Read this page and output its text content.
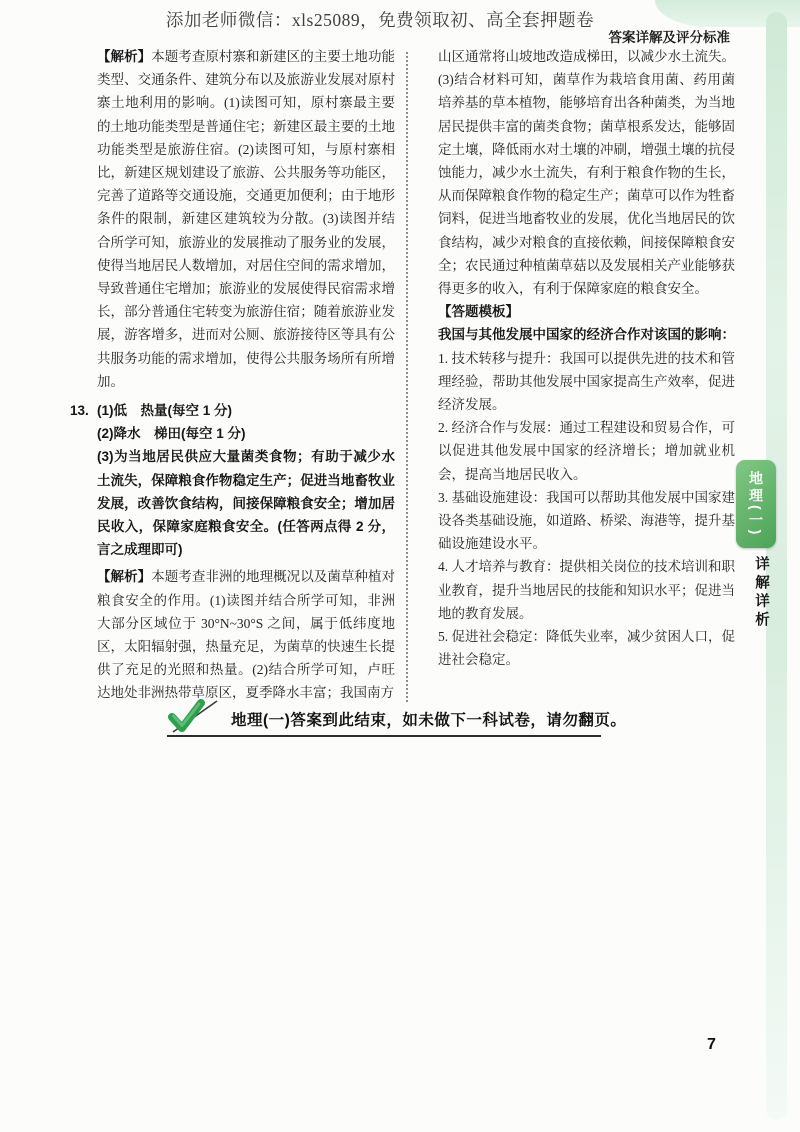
添加老师微信：xls25089，免费领取初、高全套押题卷
答案详解及评分标准

【解析】本题考查原村寨和新建区的主要土地功能类型、交通条件、建筑分布以及旅游业发展对原村寨土地利用的影响。(1)读图可知，原村寨最主要的土地功能类型是普通住宅；新建区最主要的土地功能类型是旅游住宿。(2)读图可知，与原村寨相比，新建区规划建设了旅游、公共服务等功能区，完善了道路等交通设施，交通更加便利；由于地形条件的限制，新建区建筑较为分散。(3)读图并结合所学可知，旅游业的发展推动了服务业的发展，使得当地居民人数增加，对居住空间的需求增加，导致普通住宅增加；旅游业的发展使得民宿需求增长，部分普通住宅转变为旅游住宿；随着旅游业发展，游客增多，进而对公厕、旅游接待区等具有公共服务功能的需求增加，使得公共服务场所有所增加。

13. (1)低　热量(每空 1 分)
(2)降水　梯田(每空 1 分)
(3)为当地居民供应大量菌类食物；有助于减少水土流失，保障粮食作物稳定生产；促进当地畜牧业发展，改善饮食结构，间接保障粮食安全；增加居民收入，保障家庭粮食安全。(任答两点得 2 分，言之成理即可)

【解析】本题考查非洲的地理概况以及菌草种植对粮食安全的作用。(1)读图并结合所学可知，非洲大部分区域位于 30°N~30°S 之间，属于低纬度地区，太阳辐射强，热量充足，为菌草的快速生长提供了充足的光照和热量。(2)结合所学可知，卢旺达地处非洲热带草原区，夏季降水丰富；我国南方

山区通常将山坡地改造成梯田，以减少水土流失。(3)结合材料可知，菌草作为栽培食用菌、药用菌培养基的草本植物，能够培育出各种菌类，为当地居民提供丰富的菌类食物；菌草根系发达，能够固定土壤，降低雨水对土壤的冲刷，增强土壤的抗侵蚀能力，减少水土流失，有利于粮食作物的生长，从而保障粮食作物的稳定生产；菌草可以作为牲畜饲料，促进当地畜牧业的发展，优化当地居民的饮食结构，减少对粮食的直接依赖，间接保障粮食安全；农民通过种植菌草菇以及发展相关产业能够获得更多的收入，有利于保障家庭的粮食安全。

【答题模板】

我国与其他发展中国家的经济合作对该国的影响：

1. 技术转移与提升：我国可以提供先进的技术和管理经验，帮助其他发展中国家提高生产效率，促进经济发展。

2. 经济合作与发展：通过工程建设和贸易合作，可以促进其他发展中国家的经济增长；增加就业机会，提高当地居民收入。

3. 基础设施建设：我国可以帮助其他发展中国家建设各类基础设施，如道路、桥梁、海港等，提升基础设施建设水平。

4. 人才培养与教育：提供相关岗位的技术培训和职业教育，提升当地居民的技能和知识水平；促进当地的教育发展。

5. 促进社会稳定：降低失业率，减少贫困人口，促进社会稳定。

地理(一)答案到此结束，如未做下一科试卷，请勿翻页。
地理(一)
详解详析
7
